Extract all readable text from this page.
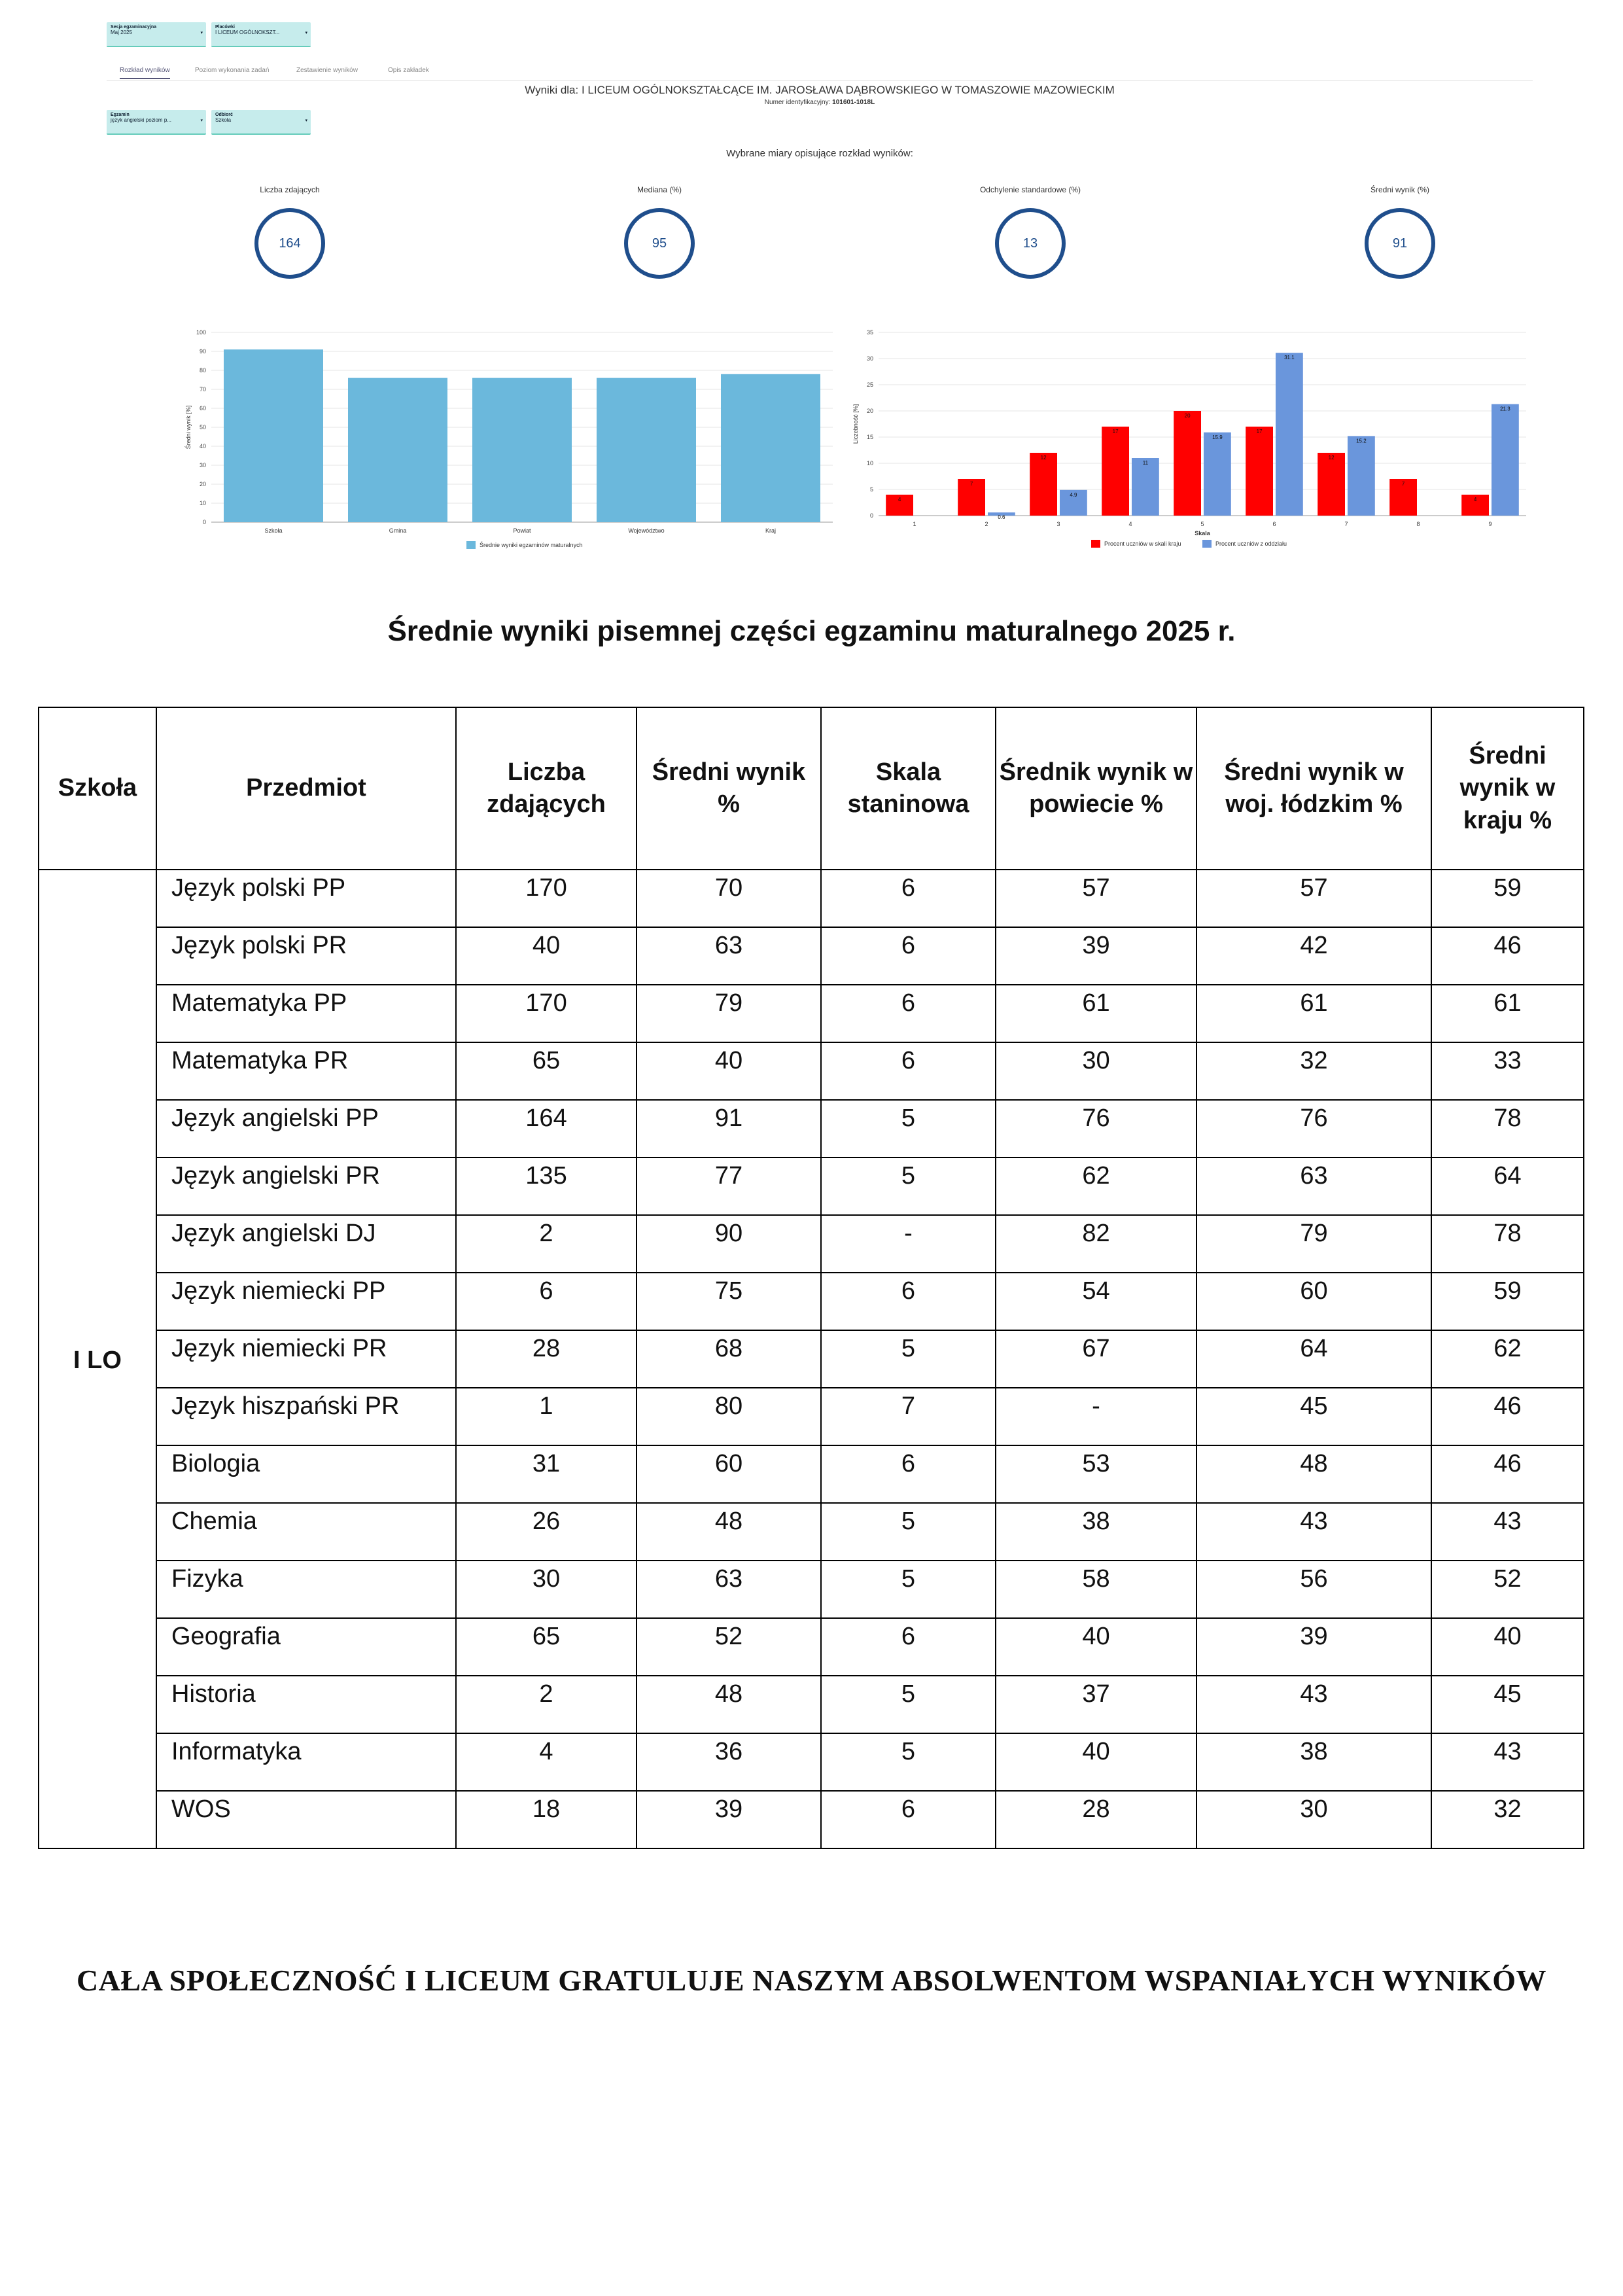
Sesja egzaminacyjna
Maj 2025	▾
Placówki
I LICEUM OGÓLNOKSZT...	▾
Rozkład wyników	Poziom wykonania zadań	Zestawienie wyników	Opis zakładek
Wyniki dla: I LICEUM OGÓLNOKSZTAŁCĄCE IM. JAROSŁAWA DĄBROWSKIEGO W TOMASZOWIE MAZOWIECKIM
Numer identyfikacyjny: 101601-1018L
Egzamin
język angielski poziom p...	▾
Odbiorć
Szkoła	▾
Wybrane miary opisujące rozkład wyników:
Liczba zdających
164
Mediana (%)
95
Odchylenie standardowe (%)
13
Średni wynik (%)
91
0
10
20
30
40
50
60
70
80
90
100
Średni wynik [%]
Szkoła	Gmina	Powiat	Województwo	Kraj
Średnie wyniki egzaminów maturalnych
0
5
10
15
20
25
30
35
Liczebność [%]
1
4
2
7
0.6
3
12
4.9
4
17
11
5
20
15.9
6
17
31.1
7
12
15.2
8
7
9
4
21.3
Skala
Procent uczniów w skali kraju	Procent uczniów z oddziału
Średnie wyniki pisemnej części egzaminu maturalnego 2025 r.
Szkoła	Przedmiot	Liczba zdających	Średni wynik %	Skala staninowa	Średnik wynik w powiecie %	Średni wynik w woj. łódzkim %	Średni wynik w kraju %
I LO	Język polski PP	170	70	6	57	57	59
	Język polski PR	40	63	6	39	42	46
	Matematyka PP	170	79	6	61	61	61
	Matematyka PR	65	40	6	30	32	33
	Język angielski PP	164	91	5	76	76	78
	Język angielski PR	135	77	5	62	63	64
	Język angielski DJ	2	90	-	82	79	78
	Język niemiecki PP	6	75	6	54	60	59
	Język niemiecki PR	28	68	5	67	64	62
	Język hiszpański PR	1	80	7	-	45	46
	Biologia	31	60	6	53	48	46
	Chemia	26	48	5	38	43	43
	Fizyka	30	63	5	58	56	52
	Geografia	65	52	6	40	39	40
	Historia	2	48	5	37	43	45
	Informatyka	4	36	5	40	38	43
	WOS	18	39	6	28	30	32
CAŁA SPOŁECZNOŚĆ I LICEUM GRATULUJE NASZYM ABSOLWENTOM WSPANIAŁYCH WYNIKÓW
